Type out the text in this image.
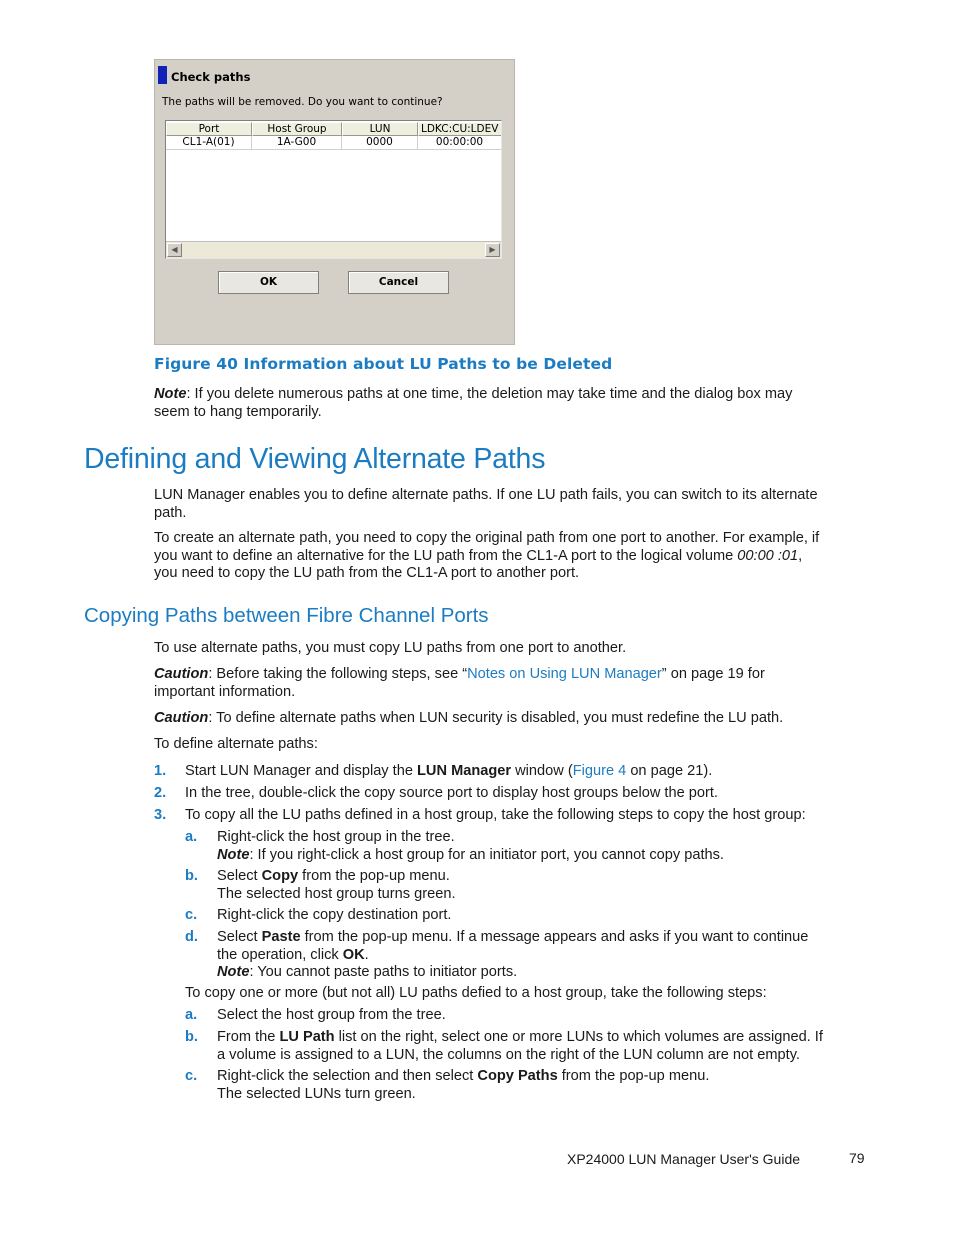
Check paths
The paths will be removed. Do you want to continue?
Port	Host Group	LUN	LDKC:CU:LDEV
CL1-A(01)	1A-G00	0000	00:00:00
◀	▶
OK	Cancel
Figure 40 Information about LU Paths to be Deleted
Note: If you delete numerous paths at one time, the deletion may take time and the dialog box may
seem to hang temporarily.
Defining and Viewing Alternate Paths
LUN Manager enables you to define alternate paths. If one LU path fails, you can switch to its alternate
path.
To create an alternate path, you need to copy the original path from one port to another. For example, if
you want to define an alternative for the LU path from the CL1-A port to the logical volume 00:00 :01,
you need to copy the LU path from the CL1-A port to another port.
Copying Paths between Fibre Channel Ports
To use alternate paths, you must copy LU paths from one port to another.
Caution: Before taking the following steps, see “Notes on Using LUN Manager” on page 19 for
important information.
Caution: To define alternate paths when LUN security is disabled, you must redefine the LU path.
To define alternate paths:
1. Start LUN Manager and display the LUN Manager window (Figure 4 on page 21).
2. In the tree, double-click the copy source port to display host groups below the port.
3. To copy all the LU paths defined in a host group, take the following steps to copy the host group:
a. Right-click the host group in the tree.
Note: If you right-click a host group for an initiator port, you cannot copy paths.
b. Select Copy from the pop-up menu.
The selected host group turns green.
c. Right-click the copy destination port.
d. Select Paste from the pop-up menu. If a message appears and asks if you want to continue
the operation, click OK.
Note: You cannot paste paths to initiator ports.
To copy one or more (but not all) LU paths defied to a host group, take the following steps:
a. Select the host group from the tree.
b. From the LU Path list on the right, select one or more LUNs to which volumes are assigned. If
a volume is assigned to a LUN, the columns on the right of the LUN column are not empty.
c. Right-click the selection and then select Copy Paths from the pop-up menu.
The selected LUNs turn green.
XP24000 LUN Manager User's Guide	79
